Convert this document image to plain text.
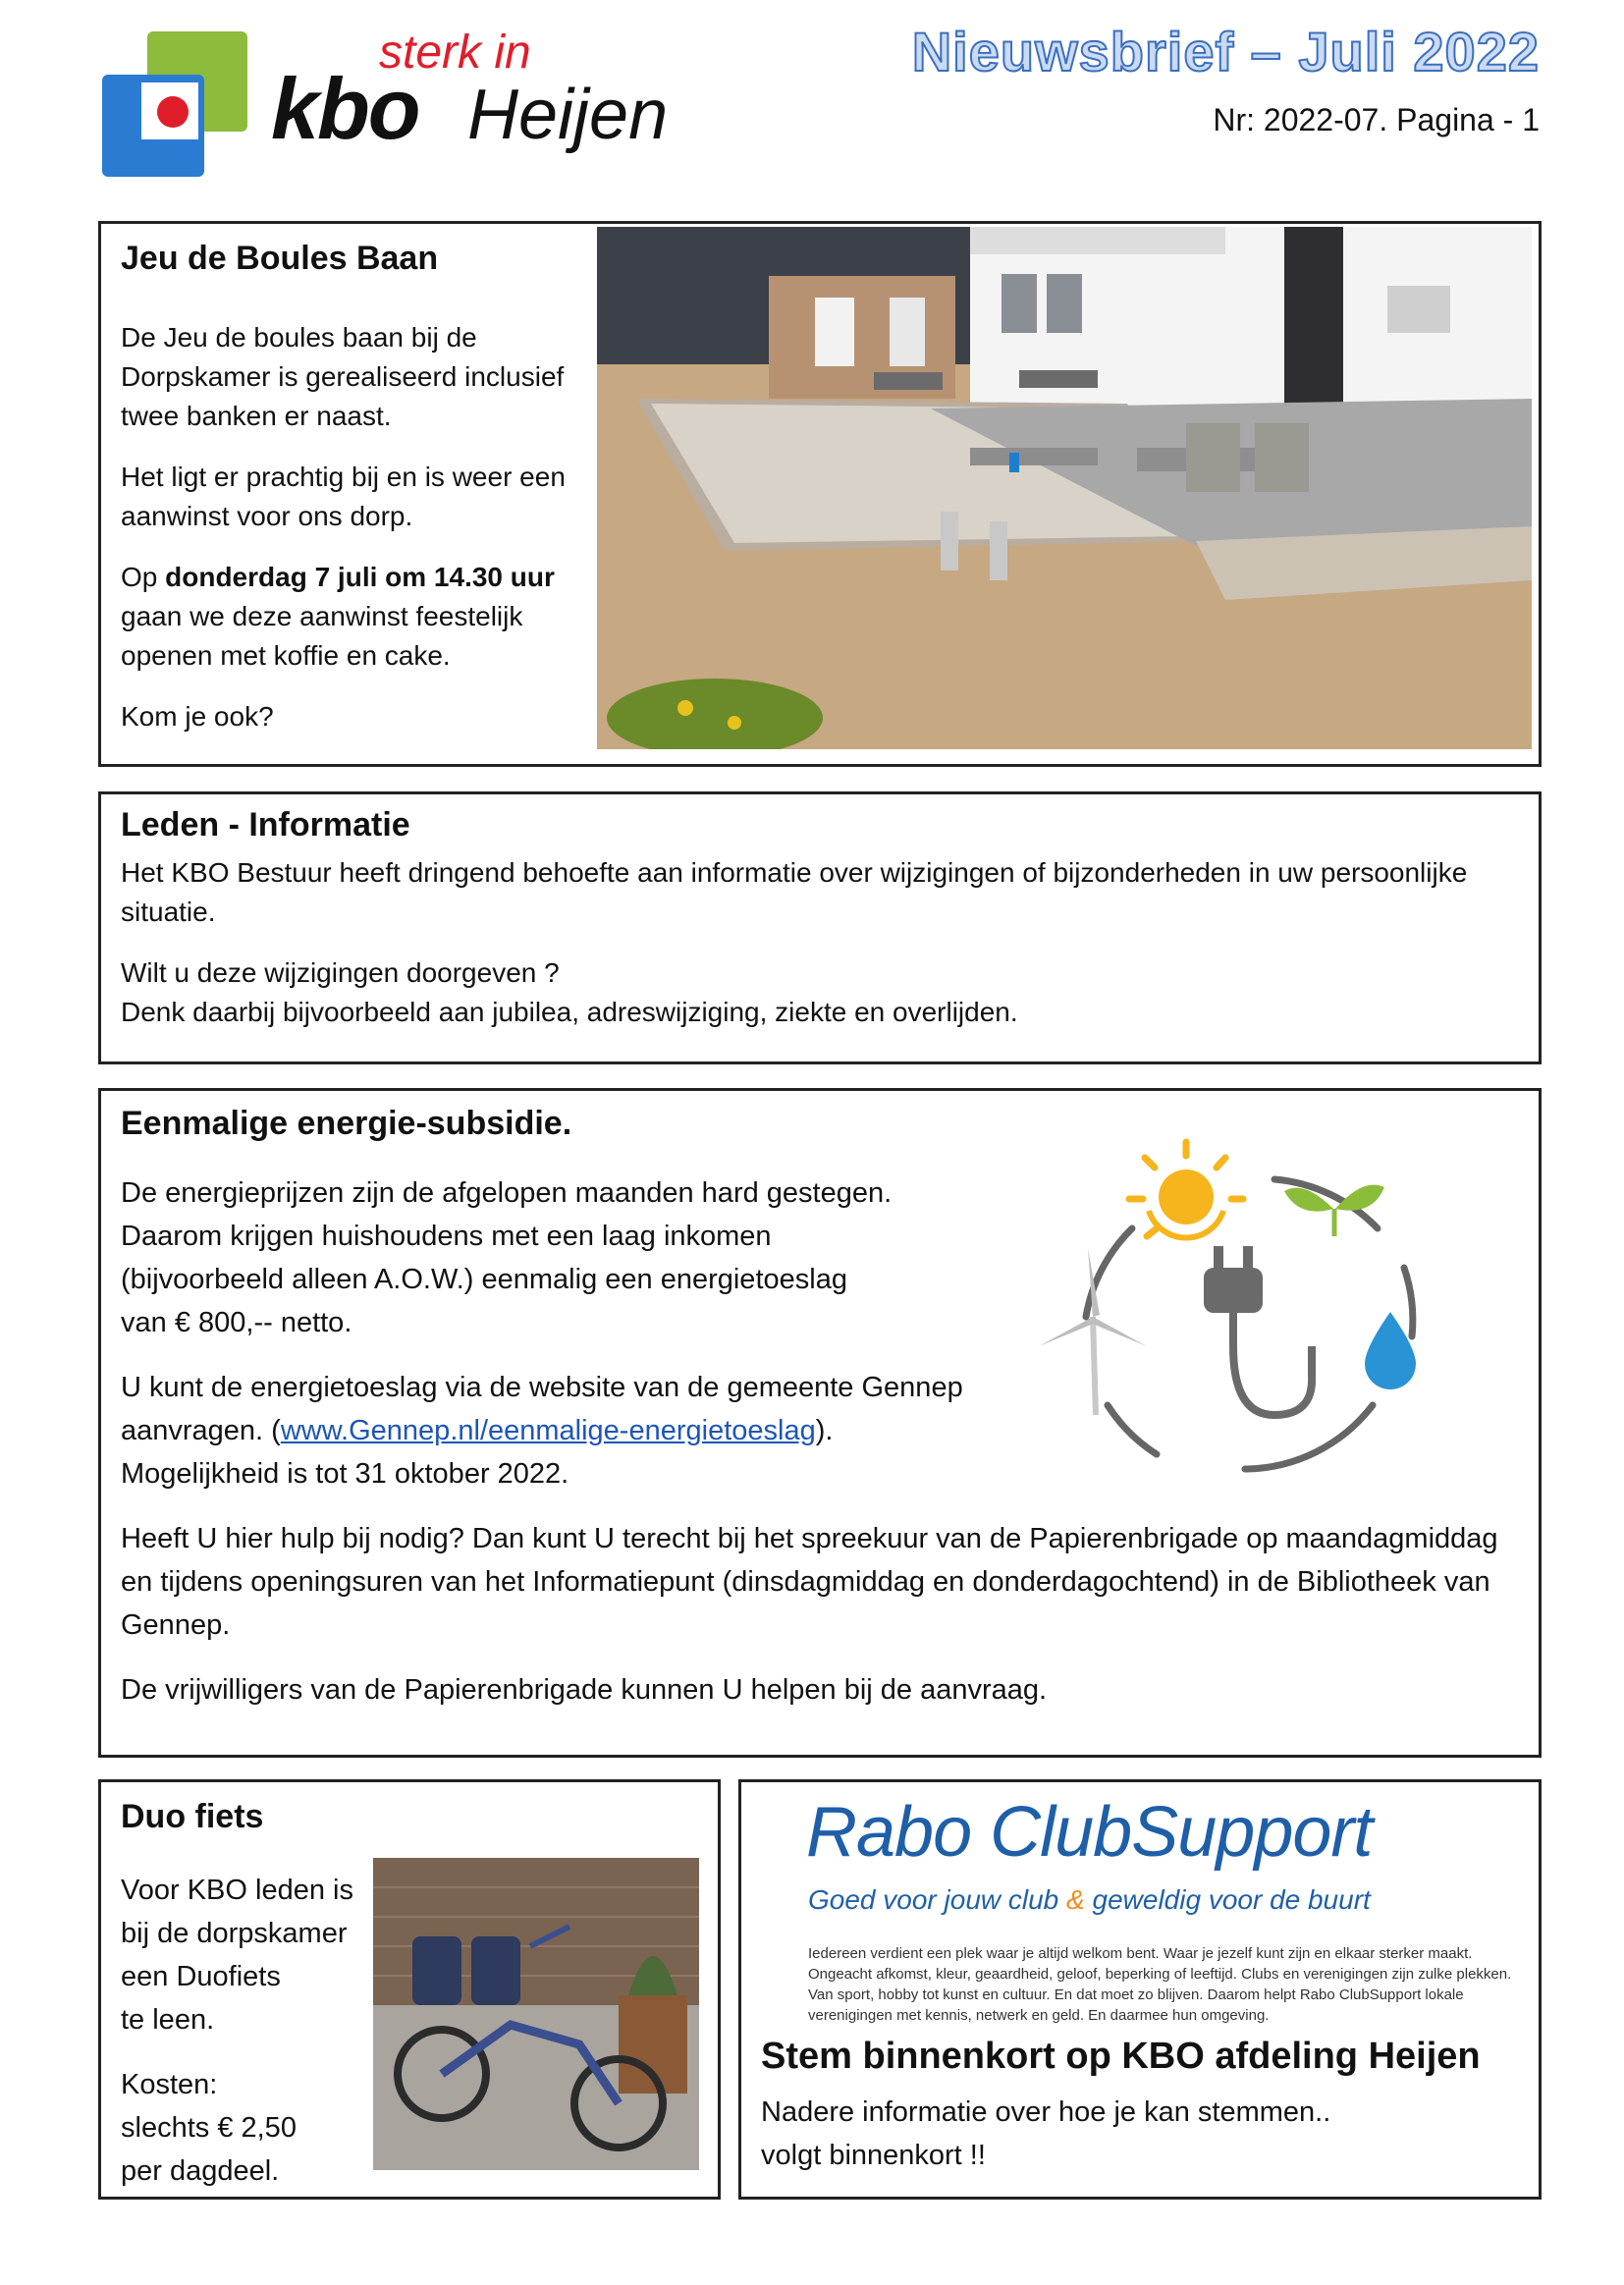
sterk in
kbo Heijen
Nieuwsbrief – Juli 2022
Nr: 2022-07. Pagina - 1
Jeu de Boules Baan

De Jeu de boules baan bij de Dorpskamer is gerealiseerd inclusief twee banken er naast.

Het ligt er prachtig bij en is weer een aanwinst voor ons dorp.

Op donderdag 7 juli om 14.30 uur gaan we deze aanwinst feestelijk openen met koffie en cake.

Kom je ook?

Leden - Informatie

Het KBO Bestuur heeft dringend behoefte aan informatie over wijzigingen of bijzonderheden in uw persoonlijke situatie.

Wilt u deze wijzigingen doorgeven ?
Denk daarbij bijvoorbeeld aan jubilea, adreswijziging, ziekte en overlijden.
Eenmalige energie-subsidie.
De energieprijzen zijn de afgelopen maanden hard gestegen.
Daarom krijgen huishoudens met een laag inkomen
(bijvoorbeeld alleen A.O.W.) eenmalig een energietoeslag
van € 800,-- netto.
U kunt de energietoeslag via de website van de gemeente Gennep
aanvragen. (www.Gennep.nl/eenmalige-energietoeslag).
Mogelijkheid is tot 31 oktober 2022.
Heeft U hier hulp bij nodig? Dan kunt U terecht bij het spreekuur van de Papierenbrigade op maandagmiddag en tijdens openingsuren van het Informatiepunt (dinsdagmiddag en donderdagochtend) in de Bibliotheek van Gennep.
De vrijwilligers van de Papierenbrigade kunnen U helpen bij de aanvraag.
Duo fiets
Voor KBO leden is
bij de dorpskamer
een Duofiets
te leen.
Kosten:
slechts € 2,50
per dagdeel.
Rabo ClubSupport
Goed voor jouw club & geweldig voor de buurt
Iedereen verdient een plek waar je altijd welkom bent. Waar je jezelf kunt zijn en elkaar sterker maakt. Ongeacht afkomst, kleur, geaardheid, geloof, beperking of leeftijd. Clubs en verenigingen zijn zulke plekken. Van sport, hobby tot kunst en cultuur. En dat moet zo blijven. Daarom helpt Rabo ClubSupport lokale verenigingen met kennis, netwerk en geld. En daarmee hun omgeving.
Stem binnenkort op KBO afdeling Heijen
Nadere informatie over hoe je kan stemmen..
volgt binnenkort !!
